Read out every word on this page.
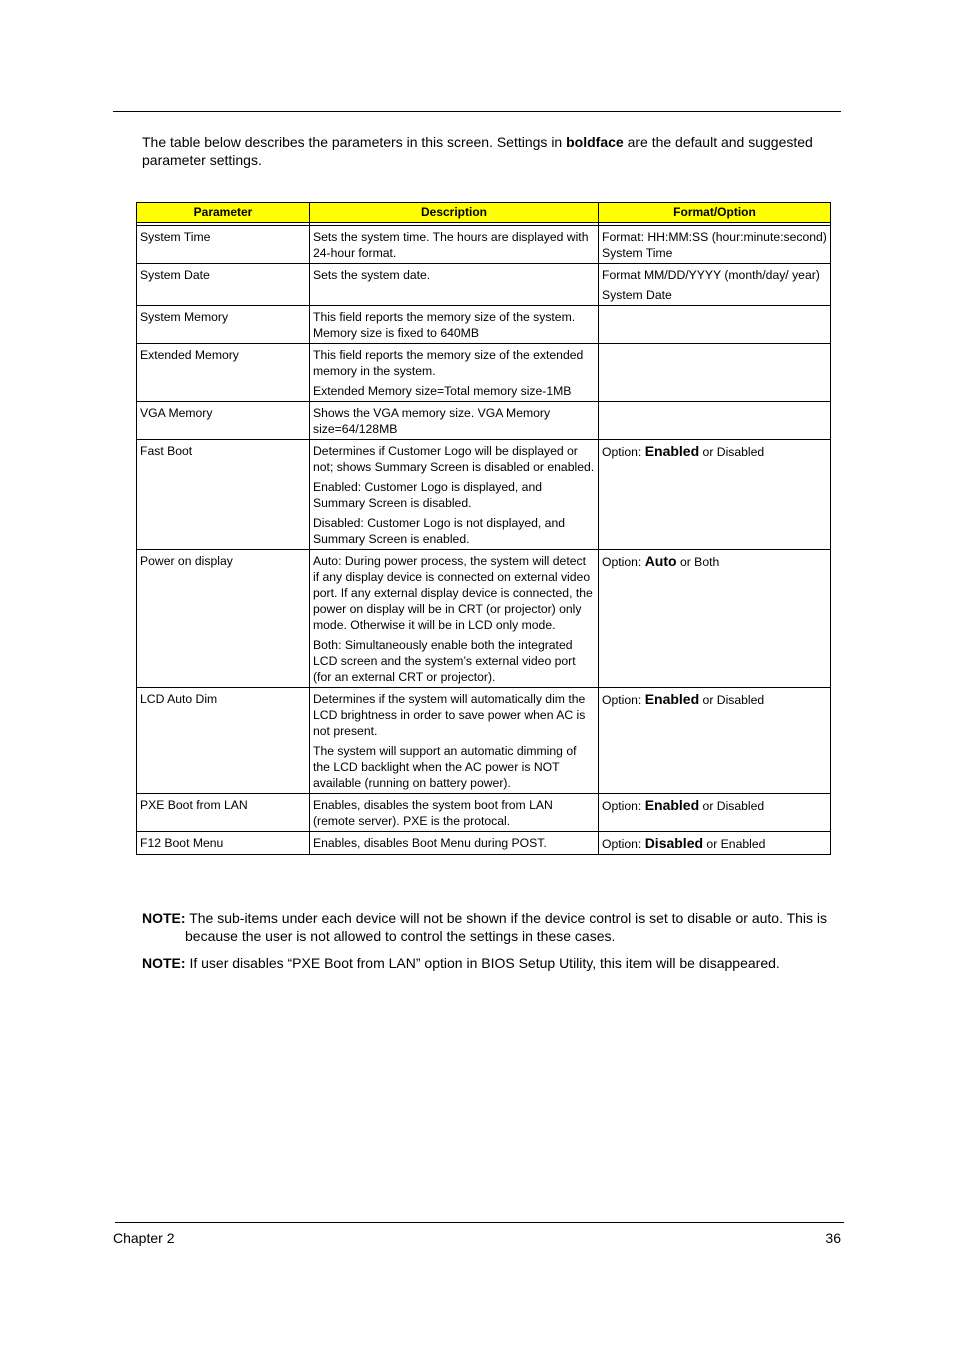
The table below describes the parameters in this screen. Settings in boldface are the default and suggested parameter settings.

Parameter	Description	Format/Option

System Time	Sets the system time. The hours are displayed with 24-hour format.	Format: HH:MM:SS (hour:minute:second) System Time

System Date	Sets the system date.	Format MM/DD/YYYY (month/day/ year)
System Date

System Memory	This field reports the memory size of the system. Memory size is fixed to 640MB	

Extended Memory	This field reports the memory size of the extended memory in the system.
Extended Memory size=Total memory size-1MB	

VGA Memory	Shows the VGA memory size. VGA Memory size=64/128MB	

Fast Boot	Determines if Customer Logo will be displayed or not; shows Summary Screen is disabled or enabled.
Enabled: Customer Logo is displayed, and Summary Screen is disabled.
Disabled: Customer Logo is not displayed, and Summary Screen is enabled.	Option: Enabled or Disabled

Power on display	Auto: During power process, the system will detect if any display device is connected on external video port. If any external display device is connected, the power on display will be in CRT (or projector) only mode. Otherwise it will be in LCD only mode.
Both: Simultaneously enable both the integrated LCD screen and the system’s external video port (for an external CRT or projector).	Option: Auto or Both

LCD Auto Dim	Determines if the system will automatically dim the LCD brightness in order to save power when AC is not present.
The system will support an automatic dimming of the LCD backlight when the AC power is NOT available (running on battery power).	Option: Enabled or Disabled

PXE Boot from LAN	Enables, disables the system boot from LAN (remote server). PXE is the protocal.	Option: Enabled or Disabled

F12 Boot Menu	Enables, disables Boot Menu during POST.	Option: Disabled or Enabled

NOTE: The sub-items under each device will not be shown if the device control is set to disable or auto. This is because the user is not allowed to control the settings in these cases.

NOTE: If user disables “PXE Boot from LAN” option in BIOS Setup Utility, this item will be disappeared.

Chapter 2	36
